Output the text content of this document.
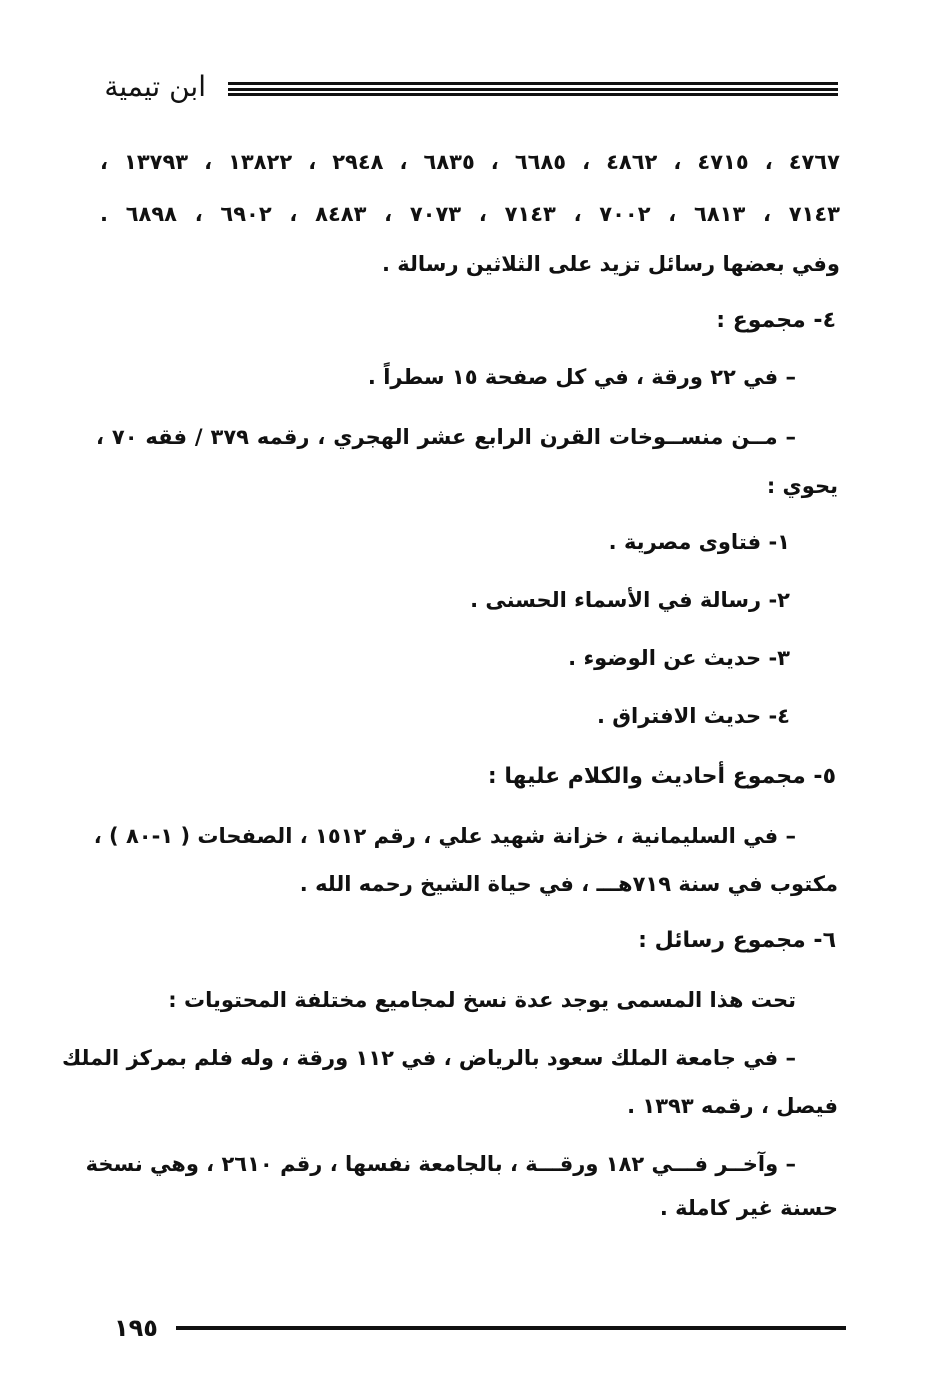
ابن تيمية
٤٧٦٧ ، ٤٧١٥ ، ٤٨٦٢ ، ٦٦٨٥ ، ٦٨٣٥ ، ٢٩٤٨ ، ١٣٨٢٢ ، ١٣٧٩٣ ،
٧١٤٣ ، ٦٨١٣ ، ٧٠٠٢ ، ٧١٤٣ ، ٧٠٧٣ ، ٨٤٨٣ ، ٦٩٠٢ ، ٦٨٩٨ .
وفي بعضها رسائل تزيد على الثلاثين رسالة .
٤- مجموع :
– في ٢٢ ورقة ، في كل صفحة ١٥ سطراً .
– مــن منســوخات القرن الرابع عشر الهجري ، رقمه ٣٧٩ / فقه ٧٠ ،
يحوي :
١- فتاوى مصرية .
٢- رسالة في الأسماء الحسنى .
٣- حديث عن الوضوء .
٤- حديث الافتراق .
٥- مجموع أحاديث والكلام عليها :
– في السليمانية ، خزانة شهيد علي ، رقم ١٥١٢ ، الصفحات ( ١-٨٠ ) ،
مكتوب في سنة ٧١٩هـــ ، في حياة الشيخ رحمه الله .
٦- مجموع رسائل :
تحت هذا المسمى يوجد عدة نسخ لمجاميع مختلفة المحتويات :
– في جامعة الملك سعود بالرياض ، في ١١٢ ورقة ، وله فلم بمركز الملك
فيصل ، رقمه ١٣٩٣ .
– وآخــر فـــي ١٨٢ ورقـــة ، بالجامعة نفسها ، رقم ٢٦١٠ ، وهي نسخة
حسنة غير كاملة .
١٩٥
